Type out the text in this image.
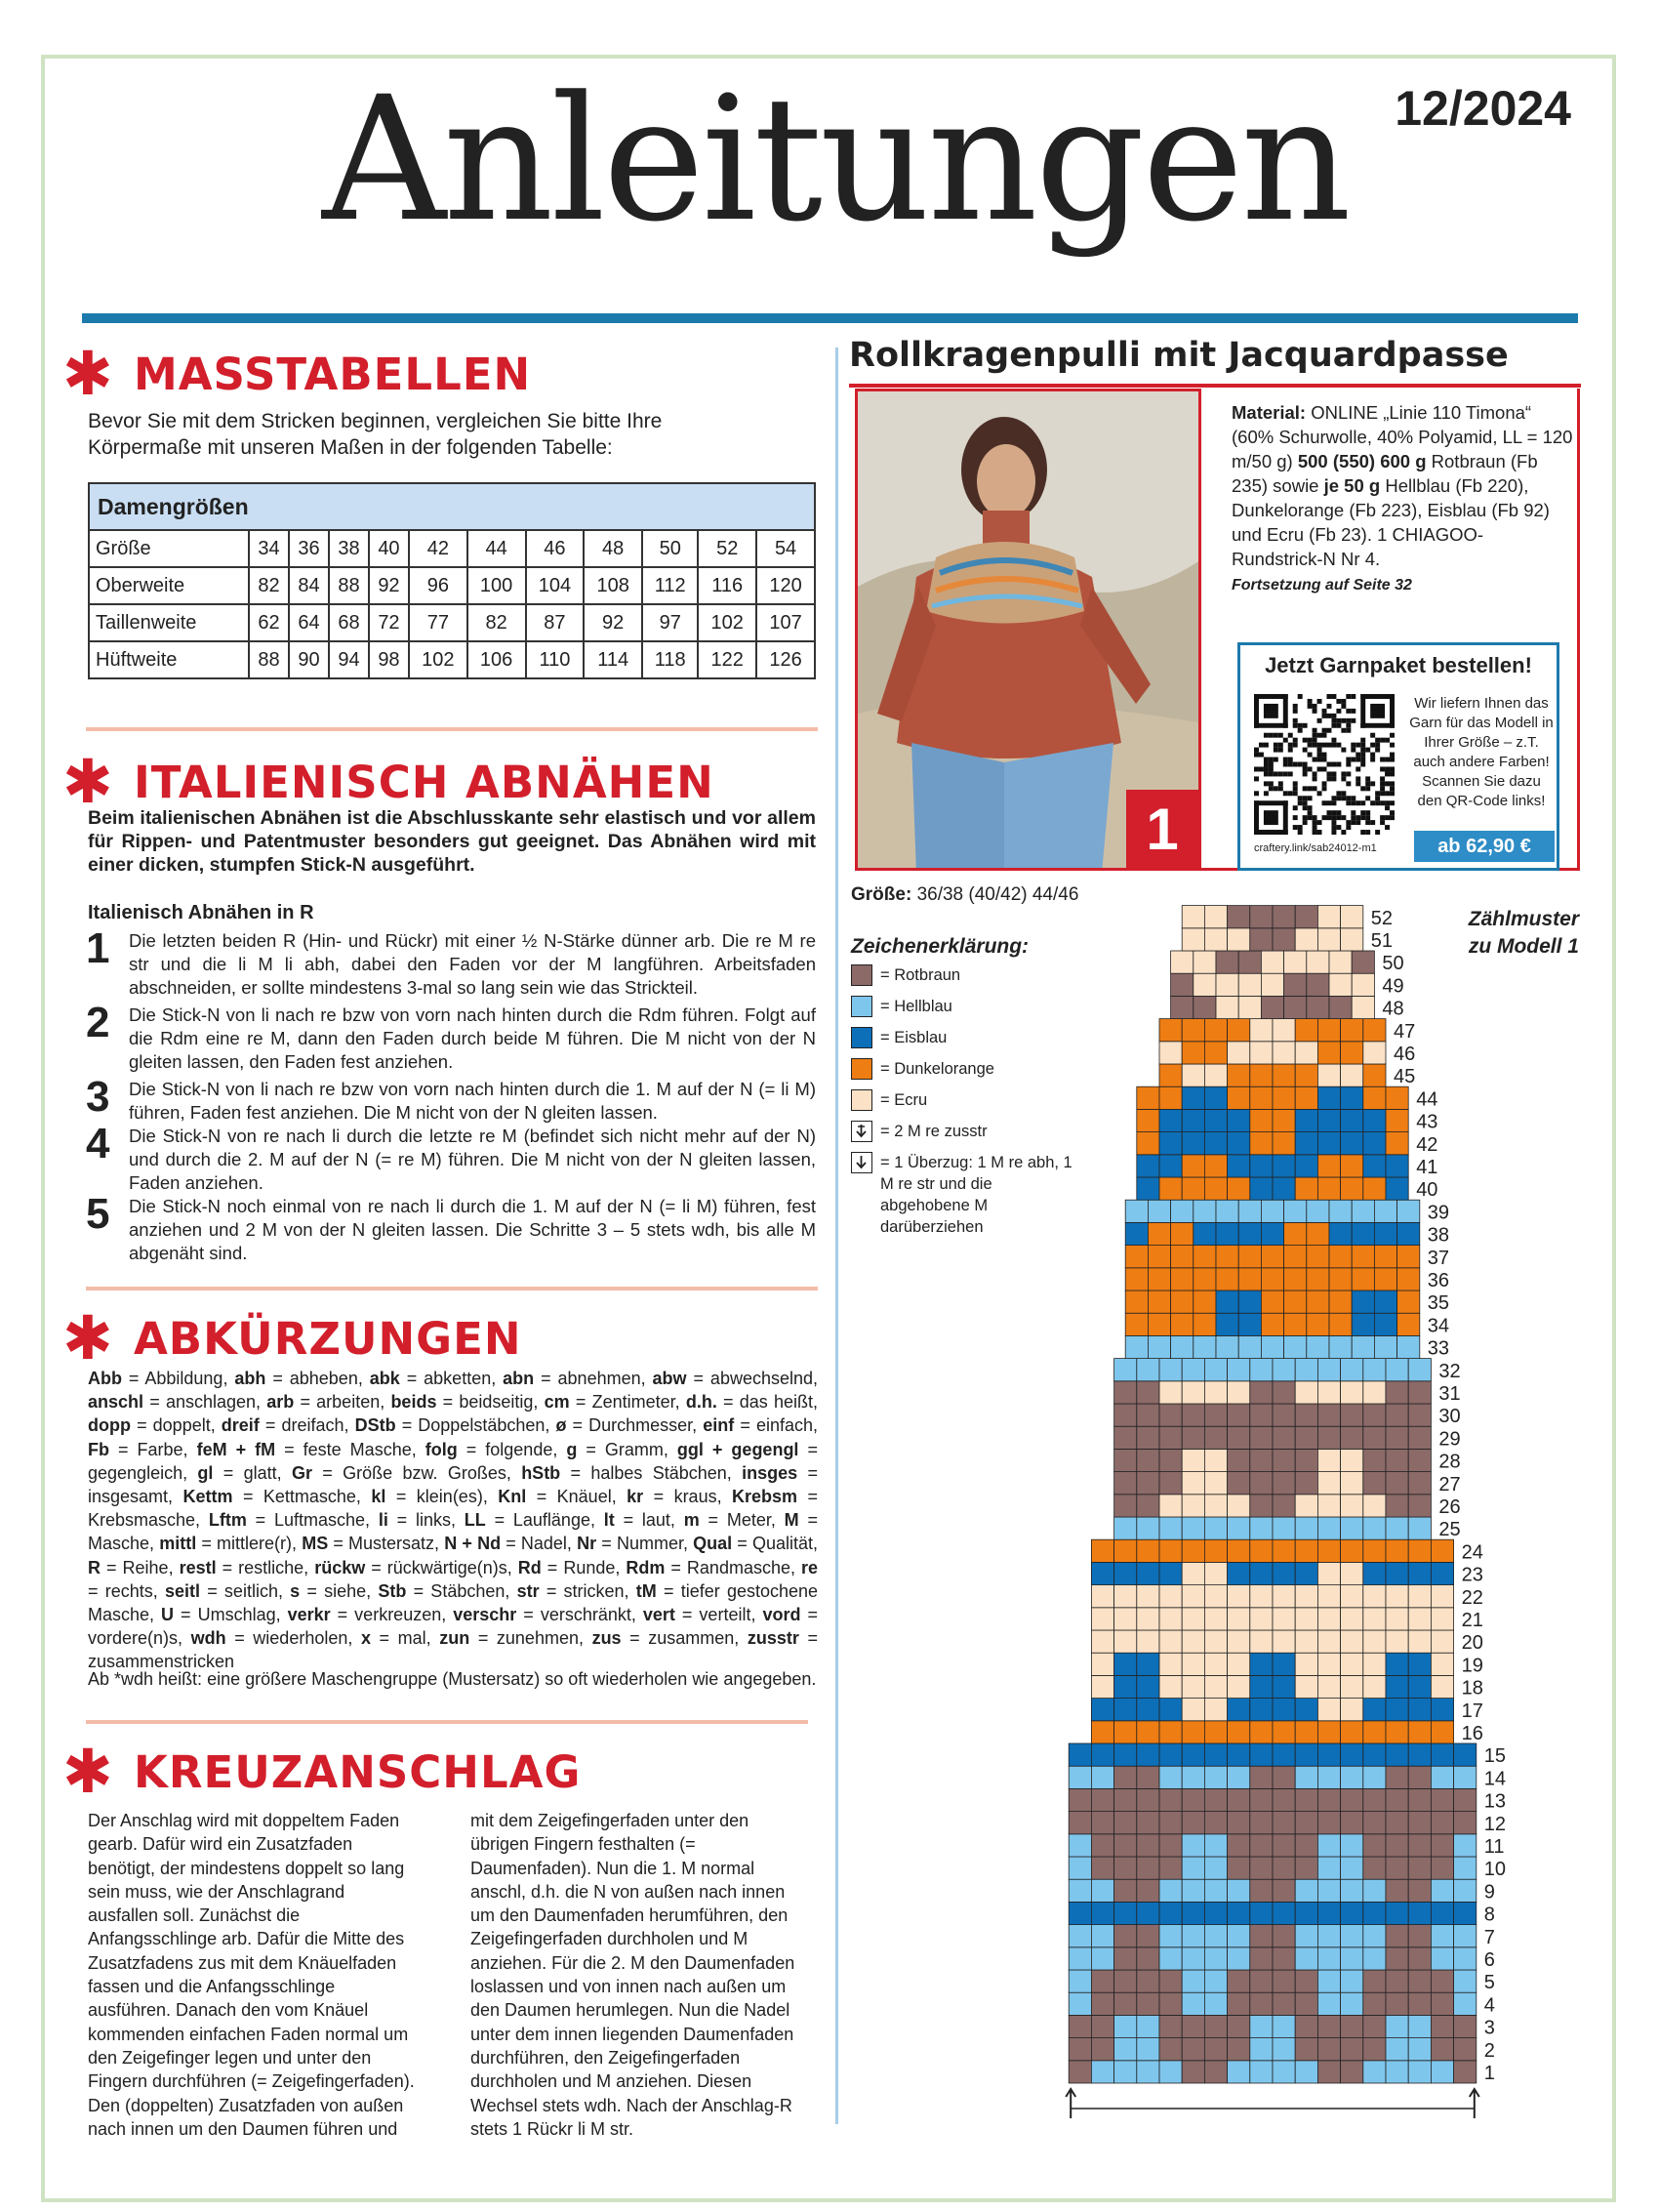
Anleitungen 12/2024
✱ MASSTABELLEN
Bevor Sie mit dem Stricken beginnen, vergleichen Sie bitte Ihre Körpermaße mit unseren Maßen in der folgenden Tabelle:
Damengrößen											
Größe	34	36	38	40	42	44	46	48	50	52	54
Oberweite	82	84	88	92	96	100	104	108	112	116	120
Taillenweite	62	64	68	72	77	82	87	92	97	102	107
Hüftweite	88	90	94	98	102	106	110	114	118	122	126
✱ ITALIENISCH ABNÄHEN
Beim italienischen Abnähen ist die Abschlusskante sehr elastisch und vor allem für Rippen- und Patentmuster besonders gut geeignet. Das Abnähen wird mit einer dicken, stumpfen Stick-N ausgeführt.
Italienisch Abnähen in R
1	Die letzten beiden R (Hin- und Rückr) mit einer ½ N-Stärke dünner arb. Die re M re str und die li M li abh, dabei den Faden vor der M langführen. Arbeitsfaden abschneiden, er sollte mindestens 3-mal so lang sein wie das Strickteil.
2	Die Stick-N von li nach re bzw von vorn nach hinten durch die Rdm führen. Folgt auf die Rdm eine re M, dann den Faden durch beide M führen. Die M nicht von der N gleiten lassen, den Faden fest anziehen.
3	Die Stick-N von li nach re bzw von vorn nach hinten durch die 1. M auf der N (= li M) führen, Faden fest anziehen. Die M nicht von der N gleiten lassen.
4	Die Stick-N von re nach li durch die letzte re M (befindet sich nicht mehr auf der N) und durch die 2. M auf der N (= re M) führen. Die M nicht von der N gleiten lassen, Faden anziehen.
5	Die Stick-N noch einmal von re nach li durch die 1. M auf der N (= li M) führen, fest anziehen und 2 M von der N gleiten lassen. Die Schritte 3 – 5 stets wdh, bis alle M abgenäht sind.
✱ ABKÜRZUNGEN
Abb = Abbildung, abh = abheben, abk = abketten, abn = abnehmen, abw = abwechselnd, anschl = anschlagen, arb = arbeiten, beids = beidseitig, cm = Zentimeter, d.h. = das heißt, dopp = doppelt, dreif = dreifach, DStb = Doppelstäbchen, ø = Durchmesser, einf = einfach, Fb = Farbe, feM + fM = feste Masche, folg = folgende, g = Gramm, ggl + gegengl = gegengleich, gl = glatt, Gr = Größe bzw. Großes, hStb = halbes Stäbchen, insges = insgesamt, Kettm = Kettmasche, kl = klein(es), Knl = Knäuel, kr = kraus, Krebsm = Krebsmasche, Lftm = Luftmasche, li = links, LL = Lauflänge, lt = laut, m = Meter, M = Masche, mittl = mittlere(r), MS = Mustersatz, N + Nd = Nadel, Nr = Nummer, Qual = Qualität, R = Reihe, restl = restliche, rückw = rückwärtige(n)s, Rd = Runde, Rdm = Randmasche, re = rechts, seitl = seitlich, s = siehe, Stb = Stäbchen, str = stricken, tM = tiefer gestochene Masche, U = Umschlag, verkr = verkreuzen, verschr = verschränkt, vert = verteilt, vord = vordere(n)s, wdh = wiederholen, x = mal, zun = zunehmen, zus = zusammen, zusstr = zusammenstricken
Ab *wdh heißt: eine größere Maschengruppe (Mustersatz) so oft wiederholen wie angegeben.
✱ KREUZANSCHLAG
Der Anschlag wird mit doppeltem Faden gearb. Dafür wird ein Zusatzfaden benötigt, der mindestens doppelt so lang sein muss, wie der Anschlagrand ausfallen soll. Zunächst die Anfangsschlinge arb. Dafür die Mitte des Zusatzfadens zus mit dem Knäuelfaden fassen und die Anfangsschlinge ausführen. Danach den vom Knäuel kommenden einfachen Faden normal um den Zeigefinger legen und unter den Fingern durchführen (= Zeigefingerfaden). Den (doppelten) Zusatzfaden von außen nach innen um den Daumen führen und
mit dem Zeigefingerfaden unter den übrigen Fingern festhalten (= Daumenfaden). Nun die 1. M normal anschl, d.h. die N von außen nach innen um den Daumenfaden herumführen, den Zeigefingerfaden durchholen und M anziehen. Für die 2. M den Daumenfaden loslassen und von innen nach außen um den Daumen herumlegen. Nun die Nadel unter dem innen liegenden Daumenfaden durchführen, den Zeigefingerfaden durchholen und M anziehen. Diesen Wechsel stets wdh. Nach der Anschlag-R stets 1 Rückr li M str.
Rollkragenpulli mit Jacquardpasse
1
Material: ONLINE „Linie 110 Timona“ (60% Schurwolle, 40% Polyamid, LL = 120 m/50 g) 500 (550) 600 g Rotbraun (Fb 235) sowie je 50 g Hellblau (Fb 220), Dunkelorange (Fb 223), Eisblau (Fb 92) und Ecru (Fb 23). 1 CHIAGOO-Rundstrick-N Nr 4.
Fortsetzung auf Seite 32
Jetzt Garnpaket bestellen!
Wir liefern Ihnen das Garn für das Modell in Ihrer Größe – z.T. auch andere Farben! Scannen Sie dazu den QR-Code links!
craftery.link/sab24012-m1	ab 62,90 €
Größe: 36/38 (40/42) 44/46
Zeichenerklärung:
= Rotbraun
= Hellblau
= Eisblau
= Dunkelorange
= Ecru
= 2 M re zusstr
= 1 Überzug: 1 M re abh, 1 M re str und die abgehobene M darüberziehen
Zählmuster
zu Modell 1
1
2
3
4
5
6
7
8
9
10
11
12
13
14
15
16
17
18
19
20
21
22
23
24
25
26
27
28
29
30
31
32
33
34
35
36
37
38
39
40
41
42
43
44
45
46
47
48
49
50
51
52
